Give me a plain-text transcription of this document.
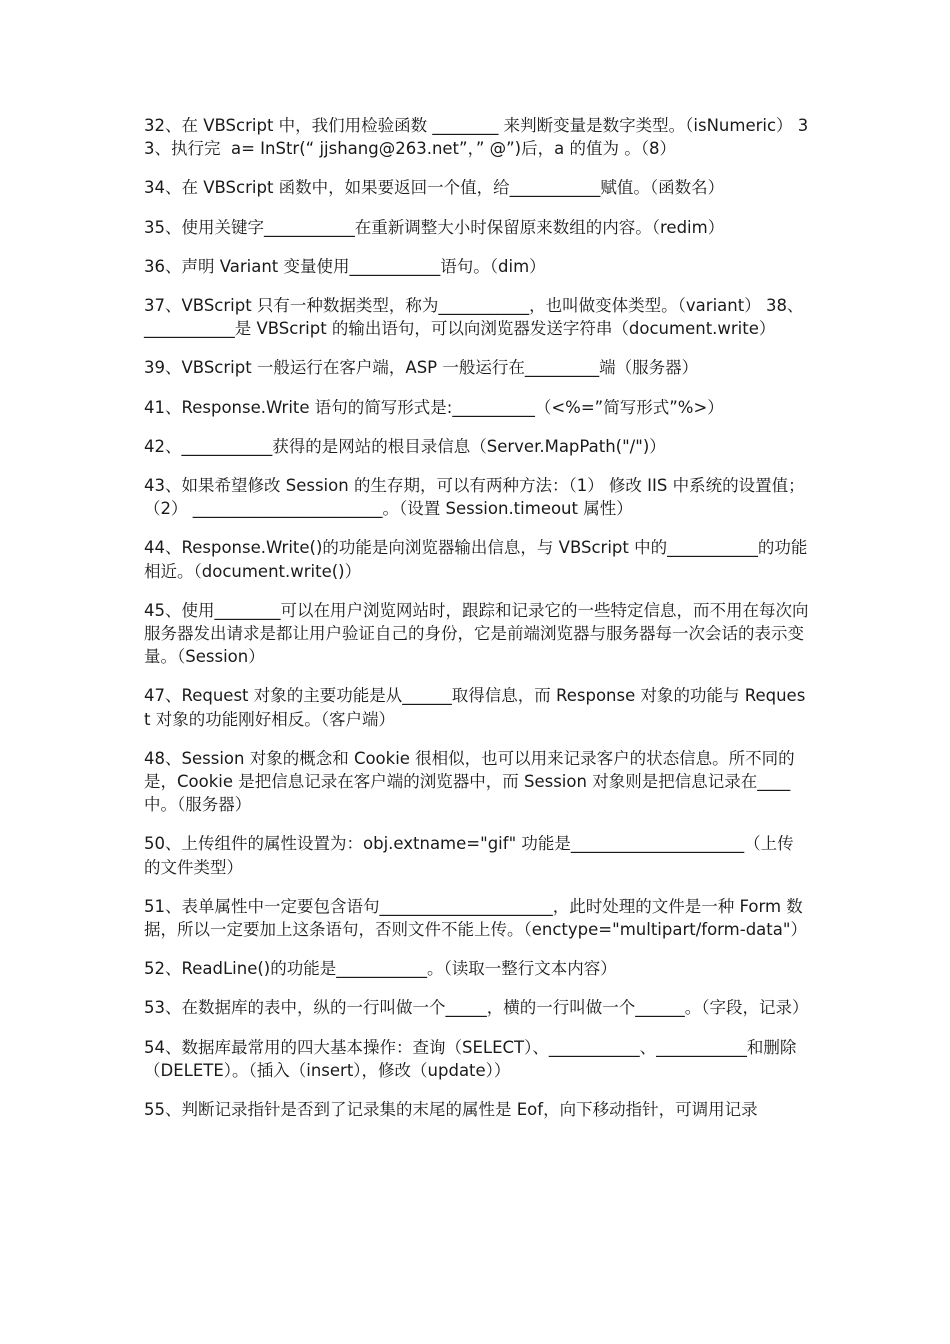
32、在 VBScript 中，我们用检验函数 ________ 来判断变量是数字类型。（isNumeric） 33、执行完  a= InStr(“ jjshang@263.net”，” @”)后，a 的值为 。（8）

34、在 VBScript 函数中，如果要返回一个值，给___________赋值。（函数名）

35、使用关键字___________在重新调整大小时保留原来数组的内容。（redim）

36、声明 Variant 变量使用___________语句。（dim）

37、VBScript 只有一种数据类型，称为___________，也叫做变体类型。（variant） 38、___________是 VBScript 的输出语句，可以向浏览器发送字符串（document.write）

39、VBScript 一般运行在客户端，ASP 一般运行在_________端（服务器）

41、Response.Write 语句的简写形式是:__________（<%=”简写形式”%>）

42、___________获得的是网站的根目录信息（Server.MapPath("/")）

43、如果希望修改 Session 的生存期，可以有两种方法：（1） 修改 IIS 中系统的设置值；（2） _______________________。（设置 Session.timeout 属性）

44、Response.Write()的功能是向浏览器输出信息，与 VBScript 中的___________的功能相近。（document.write()）

45、使用________可以在用户浏览网站时，跟踪和记录它的一些特定信息，而不用在每次向服务器发出请求是都让用户验证自己的身份，它是前端浏览器与服务器每一次会话的表示变量。（Session）

47、Request 对象的主要功能是从______取得信息，而 Response 对象的功能与 Request 对象的功能刚好相反。（客户端）

48、Session 对象的概念和 Cookie 很相似，也可以用来记录客户的状态信息。所不同的是，Cookie 是把信息记录在客户端的浏览器中，而 Session 对象则是把信息记录在____中。（服务器）

50、上传组件的属性设置为：obj.extname="gif" 功能是_____________________（上传的文件类型）

51、表单属性中一定要包含语句_____________________，此时处理的文件是一种 Form 数据，所以一定要加上这条语句，否则文件不能上传。（enctype="multipart/form-data"）

52、ReadLine()的功能是___________。（读取一整行文本内容）

53、在数据库的表中，纵的一行叫做一个_____，横的一行叫做一个______。（字段，记录）

54、数据库最常用的四大基本操作：查询（SELECT）、___________、___________和删除（DELETE）。（插入（insert），修改（update））

55、判断记录指针是否到了记录集的末尾的属性是 Eof，向下移动指针，可调用记录
